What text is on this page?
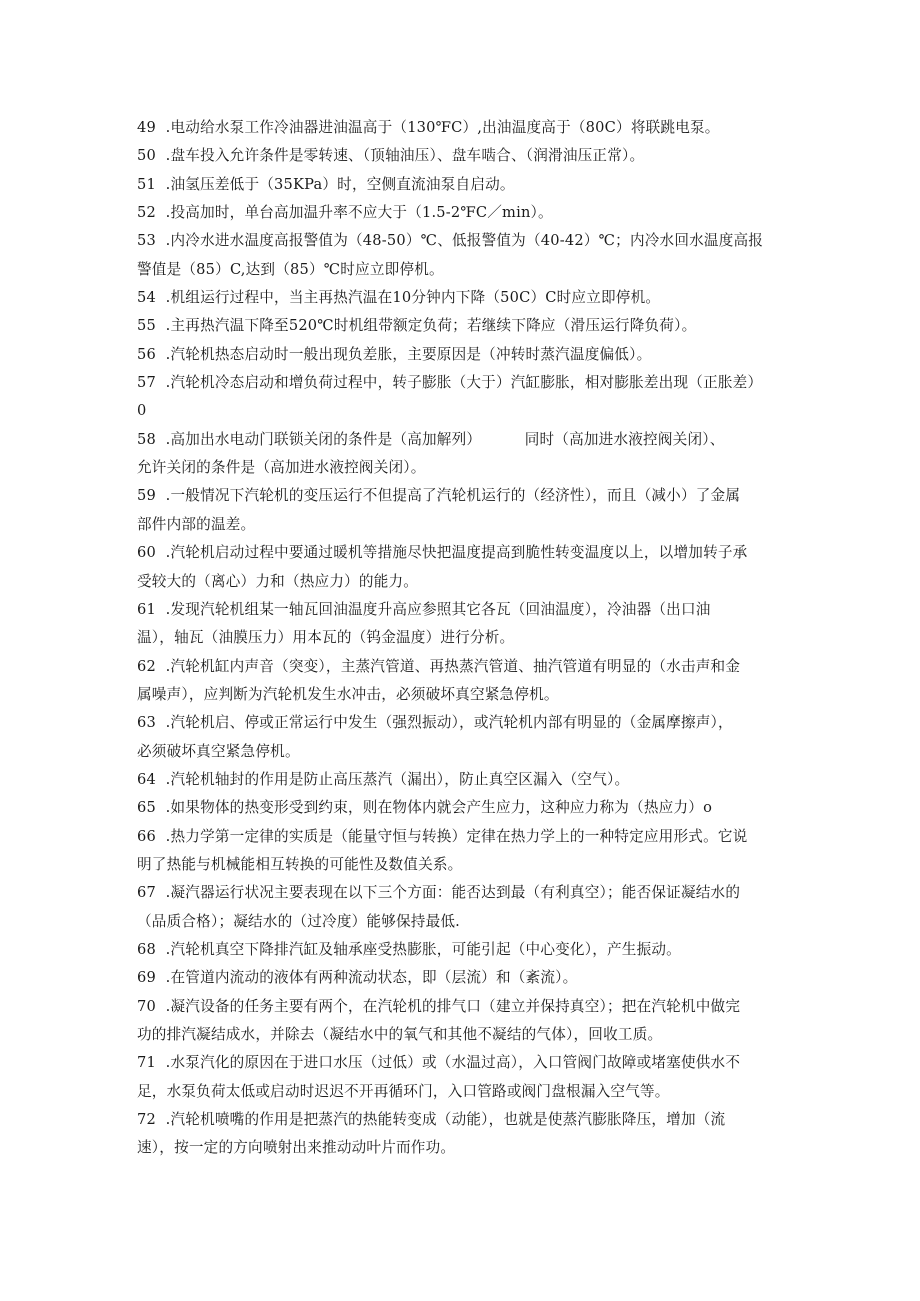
49  .电动给水泵工作冷油器进油温高于（130℉C）,出油温度高于（80C）将联跳电泵。
50  .盘车投入允许条件是零转速、（顶轴油压）、盘车啮合、（润滑油压正常）。
51  .油氢压差低于（35KPa）时，空侧直流油泵自启动。
52  .投高加时，单台高加温升率不应大于（1.5-2℉C／min）。
53  .内冷水进水温度高报警值为（48-50）℃、低报警值为（40-42）℃；内冷水回水温度高报
警值是（85）C,达到（85）℃时应立即停机。
54  .机组运行过程中，当主再热汽温在10分钟内下降（50C）C时应立即停机。
55  .主再热汽温下降至520℃时机组带额定负荷；若继续下降应（滑压运行降负荷）。
56  .汽轮机热态启动时一般出现负差胀，主要原因是（冲转时蒸汽温度偏低）。
57  .汽轮机冷态启动和增负荷过程中，转子膨胀（大于）汽缸膨胀，相对膨胀差出现（正胀差）
0
58  .高加出水电动门联锁关闭的条件是（高加解列）         同时（高加进水液控阀关闭）、
允许关闭的条件是（高加进水液控阀关闭）。
59  .一般情况下汽轮机的变压运行不但提高了汽轮机运行的（经济性），而且（减小）了金属
部件内部的温差。
60  .汽轮机启动过程中要通过暖机等措施尽快把温度提高到脆性转变温度以上，以增加转子承
受较大的（离心）力和（热应力）的能力。
61  .发现汽轮机组某一轴瓦回油温度升高应参照其它各瓦（回油温度），冷油器（出口油
温），轴瓦（油膜压力）用本瓦的（钨金温度）进行分析。
62  .汽轮机缸内声音（突变），主蒸汽管道、再热蒸汽管道、抽汽管道有明显的（水击声和金
属噪声），应判断为汽轮机发生水冲击，必须破坏真空紧急停机。
63  .汽轮机启、停或正常运行中发生（强烈振动），或汽轮机内部有明显的（金属摩擦声），
必须破坏真空紧急停机。
64  .汽轮机轴封的作用是防止高压蒸汽（漏出），防止真空区漏入（空气）。
65  .如果物体的热变形受到约束，则在物体内就会产生应力，这种应力称为（热应力）o
66  .热力学第一定律的实质是（能量守恒与转换）定律在热力学上的一种特定应用形式。它说
明了热能与机械能相互转换的可能性及数值关系。
67  .凝汽器运行状况主要表现在以下三个方面：能否达到最（有利真空）；能否保证凝结水的
（品质合格）；凝结水的（过冷度）能够保持最低.
68  .汽轮机真空下降排汽缸及轴承座受热膨胀，可能引起（中心变化），产生振动。
69  .在管道内流动的液体有两种流动状态，即（层流）和（紊流）。
70  .凝汽设备的任务主要有两个，在汽轮机的排气口（建立并保持真空）；把在汽轮机中做完
功的排汽凝结成水，并除去（凝结水中的氧气和其他不凝结的气体），回收工质。
71  .水泵汽化的原因在于进口水压（过低）或（水温过高），入口管阀门故障或堵塞使供水不
足，水泵负荷太低或启动时迟迟不开再循环门，入口管路或阀门盘根漏入空气等。
72  .汽轮机喷嘴的作用是把蒸汽的热能转变成（动能），也就是使蒸汽膨胀降压，增加（流
速），按一定的方向喷射出来推动动叶片而作功。
